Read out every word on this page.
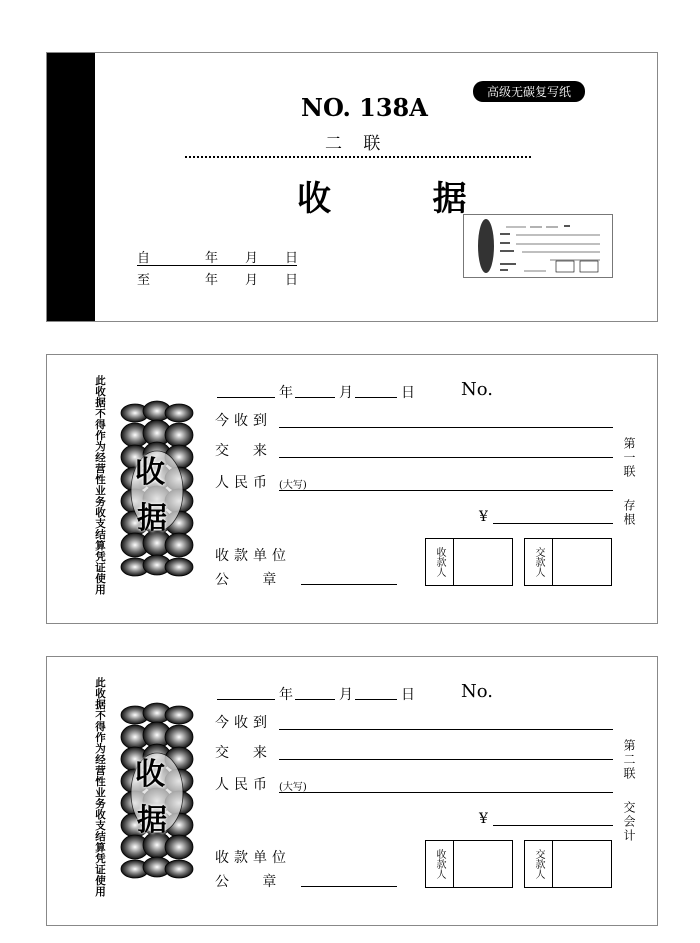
高级无碳复写纸
NO. 138A
二 联
收  据
自	年 月 日
至	年 月 日
此收据不得作为经营性业务收支结算凭证使用 收
据
年	月	日	No.
今收到
交  来
人民币 (大写)
¥
收款单位
公   章
收款人	交款人
第一联
存根
此收据不得作为经营性业务收支结算凭证使用 收
据
年	月	日	No.
今收到
交  来
人民币 (大写)
¥
收款单位
公   章
收款人	交款人
第二联
交会计
